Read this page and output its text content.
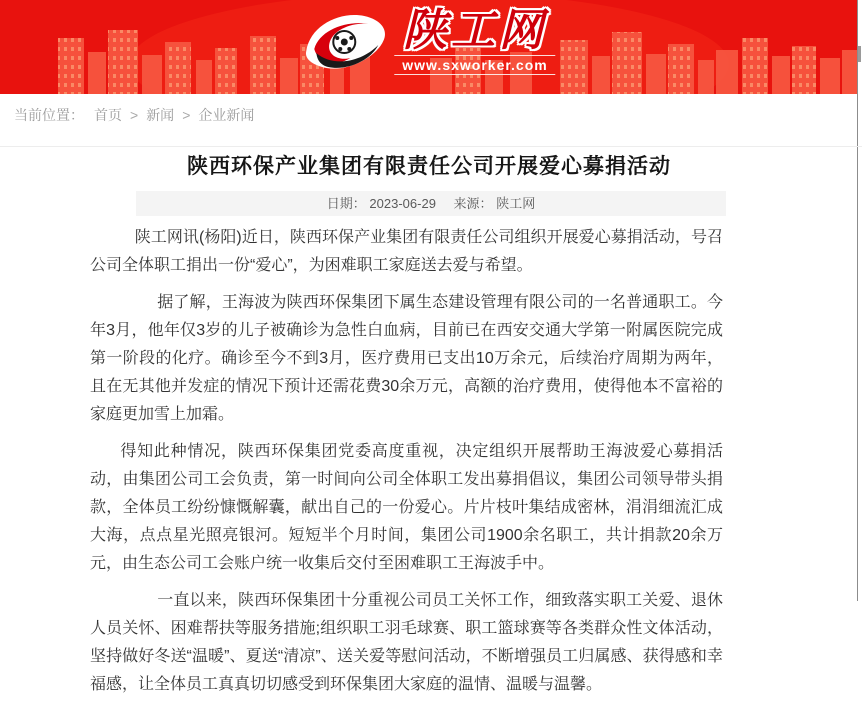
陕工网
www.sxworker.com
当前位置： 首页 > 新闻 > 企业新闻
陕西环保产业集团有限责任公司开展爱心募捐活动
日期： 2023-06-29 来源： 陕工网

陕工网讯(杨阳)近日，陕西环保产业集团有限责任公司组织开展爱心募捐活动，号召公司全体职工捐出一份“爱心”，为困难职工家庭送去爱与希望。

据了解，王海波为陕西环保集团下属生态建设管理有限公司的一名普通职工。今年3月，他年仅3岁的儿子被确诊为急性白血病，目前已在西安交通大学第一附属医院完成第一阶段的化疗。确诊至今不到3月，医疗费用已支出10万余元，后续治疗周期为两年，且在无其他并发症的情况下预计还需花费30余万元，高额的治疗费用，使得他本不富裕的家庭更加雪上加霜。

得知此种情况，陕西环保集团党委高度重视，决定组织开展帮助王海波爱心募捐活动，由集团公司工会负责，第一时间向公司全体职工发出募捐倡议，集团公司领导带头捐款，全体员工纷纷慷慨解囊，献出自己的一份爱心。片片枝叶集结成密林，涓涓细流汇成大海，点点星光照亮银河。短短半个月时间，集团公司1900余名职工，共计捐款20余万元，由生态公司工会账户统一收集后交付至困难职工王海波手中。

一直以来，陕西环保集团十分重视公司员工关怀工作，细致落实职工关爱、退休人员关怀、困难帮扶等服务措施;组织职工羽毛球赛、职工篮球赛等各类群众性文体活动，坚持做好冬送“温暖”、夏送“清凉”、送关爱等慰问活动，不断增强员工归属感、获得感和幸福感，让全体员工真真切切感受到环保集团大家庭的温情、温暖与温馨。
